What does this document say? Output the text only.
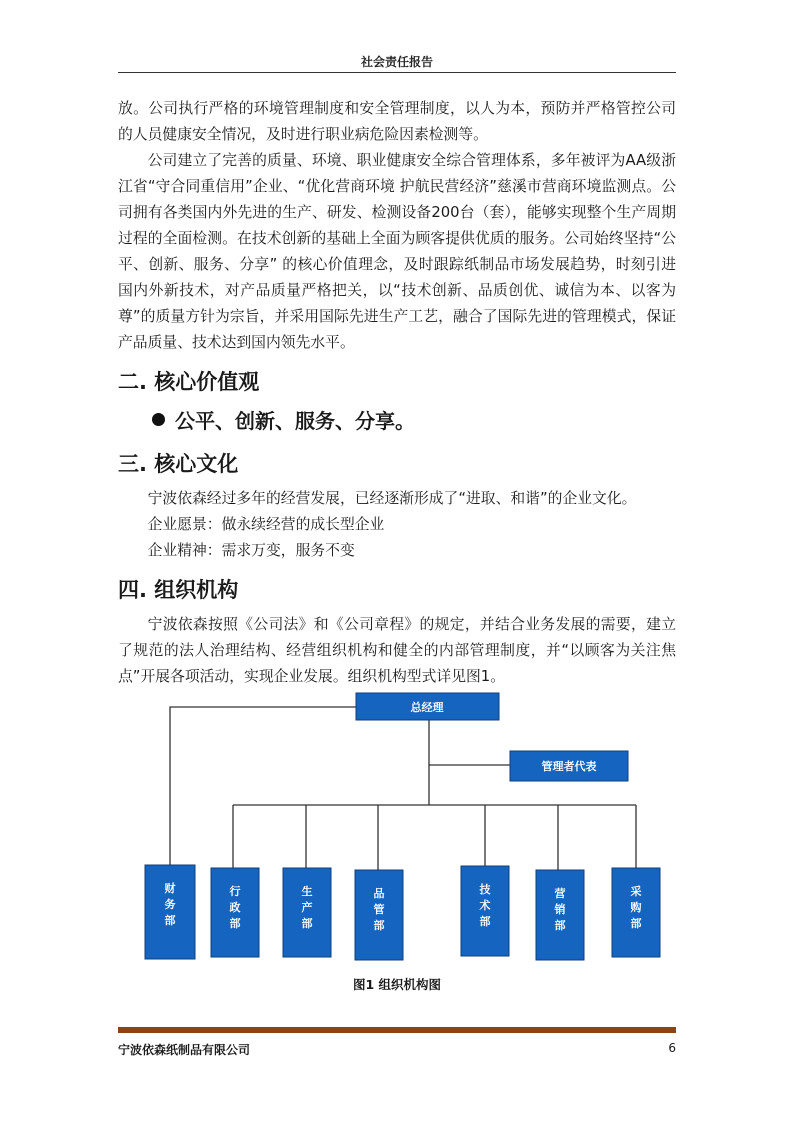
社会责任报告

放。公司执行严格的环境管理制度和安全管理制度，以人为本，预防并严格管控公司的人员健康安全情况，及时进行职业病危险因素检测等。

公司建立了完善的质量、环境、职业健康安全综合管理体系，多年被评为AA级浙江省“守合同重信用”企业、“优化营商环境 护航民营经济”慈溪市营商环境监测点。公司拥有各类国内外先进的生产、研发、检测设备200台（套），能够实现整个生产周期过程的全面检测。在技术创新的基础上全面为顾客提供优质的服务。公司始终坚持“公平、创新、服务、分享” 的核心价值理念，及时跟踪纸制品市场发展趋势，时刻引进国内外新技术，对产品质量严格把关，以“技术创新、品质创优、诚信为本、以客为尊”的质量方针为宗旨，并采用国际先进生产工艺，融合了国际先进的管理模式，保证产品质量、技术达到国内领先水平。

二. 核心价值观
公平、创新、服务、分享。
三. 核心文化

宁波依森经过多年的经营发展，已经逐渐形成了“进取、和谐”的企业文化。

企业愿景：做永续经营的成长型企业

企业精神：需求万变，服务不变

四. 组织机构

宁波依森按照《公司法》和《公司章程》的规定，并结合业务发展的需要，建立了规范的法人治理结构、经营组织机构和健全的内部管理制度，并“以顾客为关注焦点”开展各项活动，实现企业发展。组织机构型式详见图1。

总经理
管理者代表
财
务
部
行
政
部
生
产
部
品
管
部
技
术
部
营
销
部
采
购
部
图1 组织机构图
宁波依森纸制品有限公司	6
